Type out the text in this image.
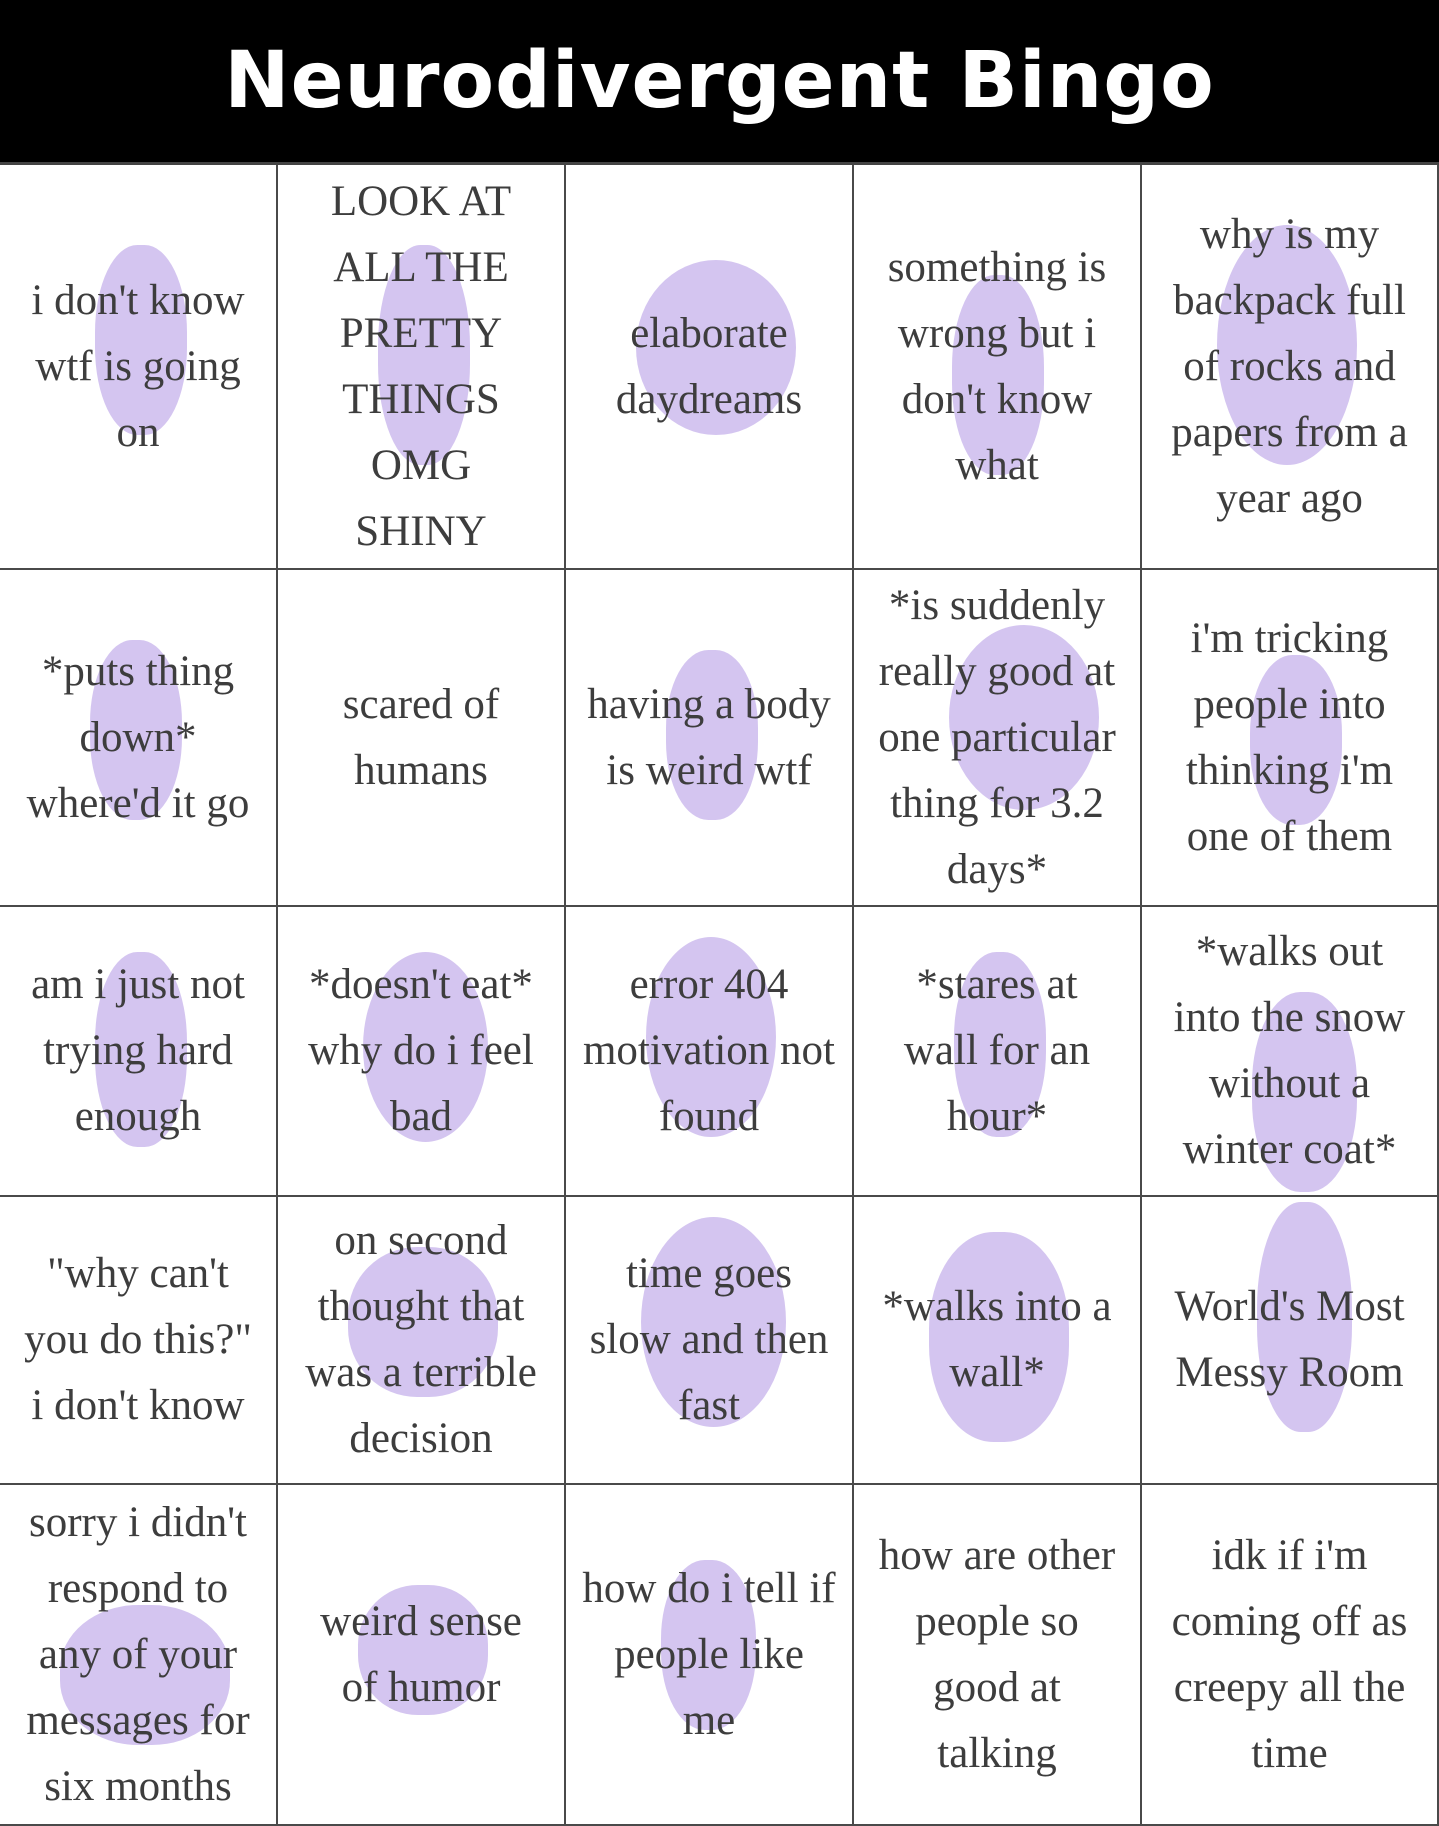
Neurodivergent Bingo
i don't know
wtf is going
on
LOOK AT
ALL THE
PRETTY
THINGS
OMG
SHINY
elaborate
daydreams
something is
wrong but i
don't know
what
why is my
backpack full
of rocks and
papers from a
year ago
*puts thing
down*
where'd it go
scared of
humans
having a body
is weird wtf
*is suddenly
really good at
one particular
thing for 3.2
days*
i'm tricking
people into
thinking i'm
one of them
am i just not
trying hard
enough
*doesn't eat*
why do i feel
bad
error 404
motivation not
found
*stares at
wall for an
hour*
*walks out
into the snow
without a
winter coat*
"why can't
you do this?"
i don't know
on second
thought that
was a terrible
decision
time goes
slow and then
fast
*walks into a
wall*
World's Most
Messy Room
sorry i didn't
respond to
any of your
messages for
six months
weird sense
of humor
how do i tell if
people like
me
how are other
people so
good at
talking
idk if i'm
coming off as
creepy all the
time
